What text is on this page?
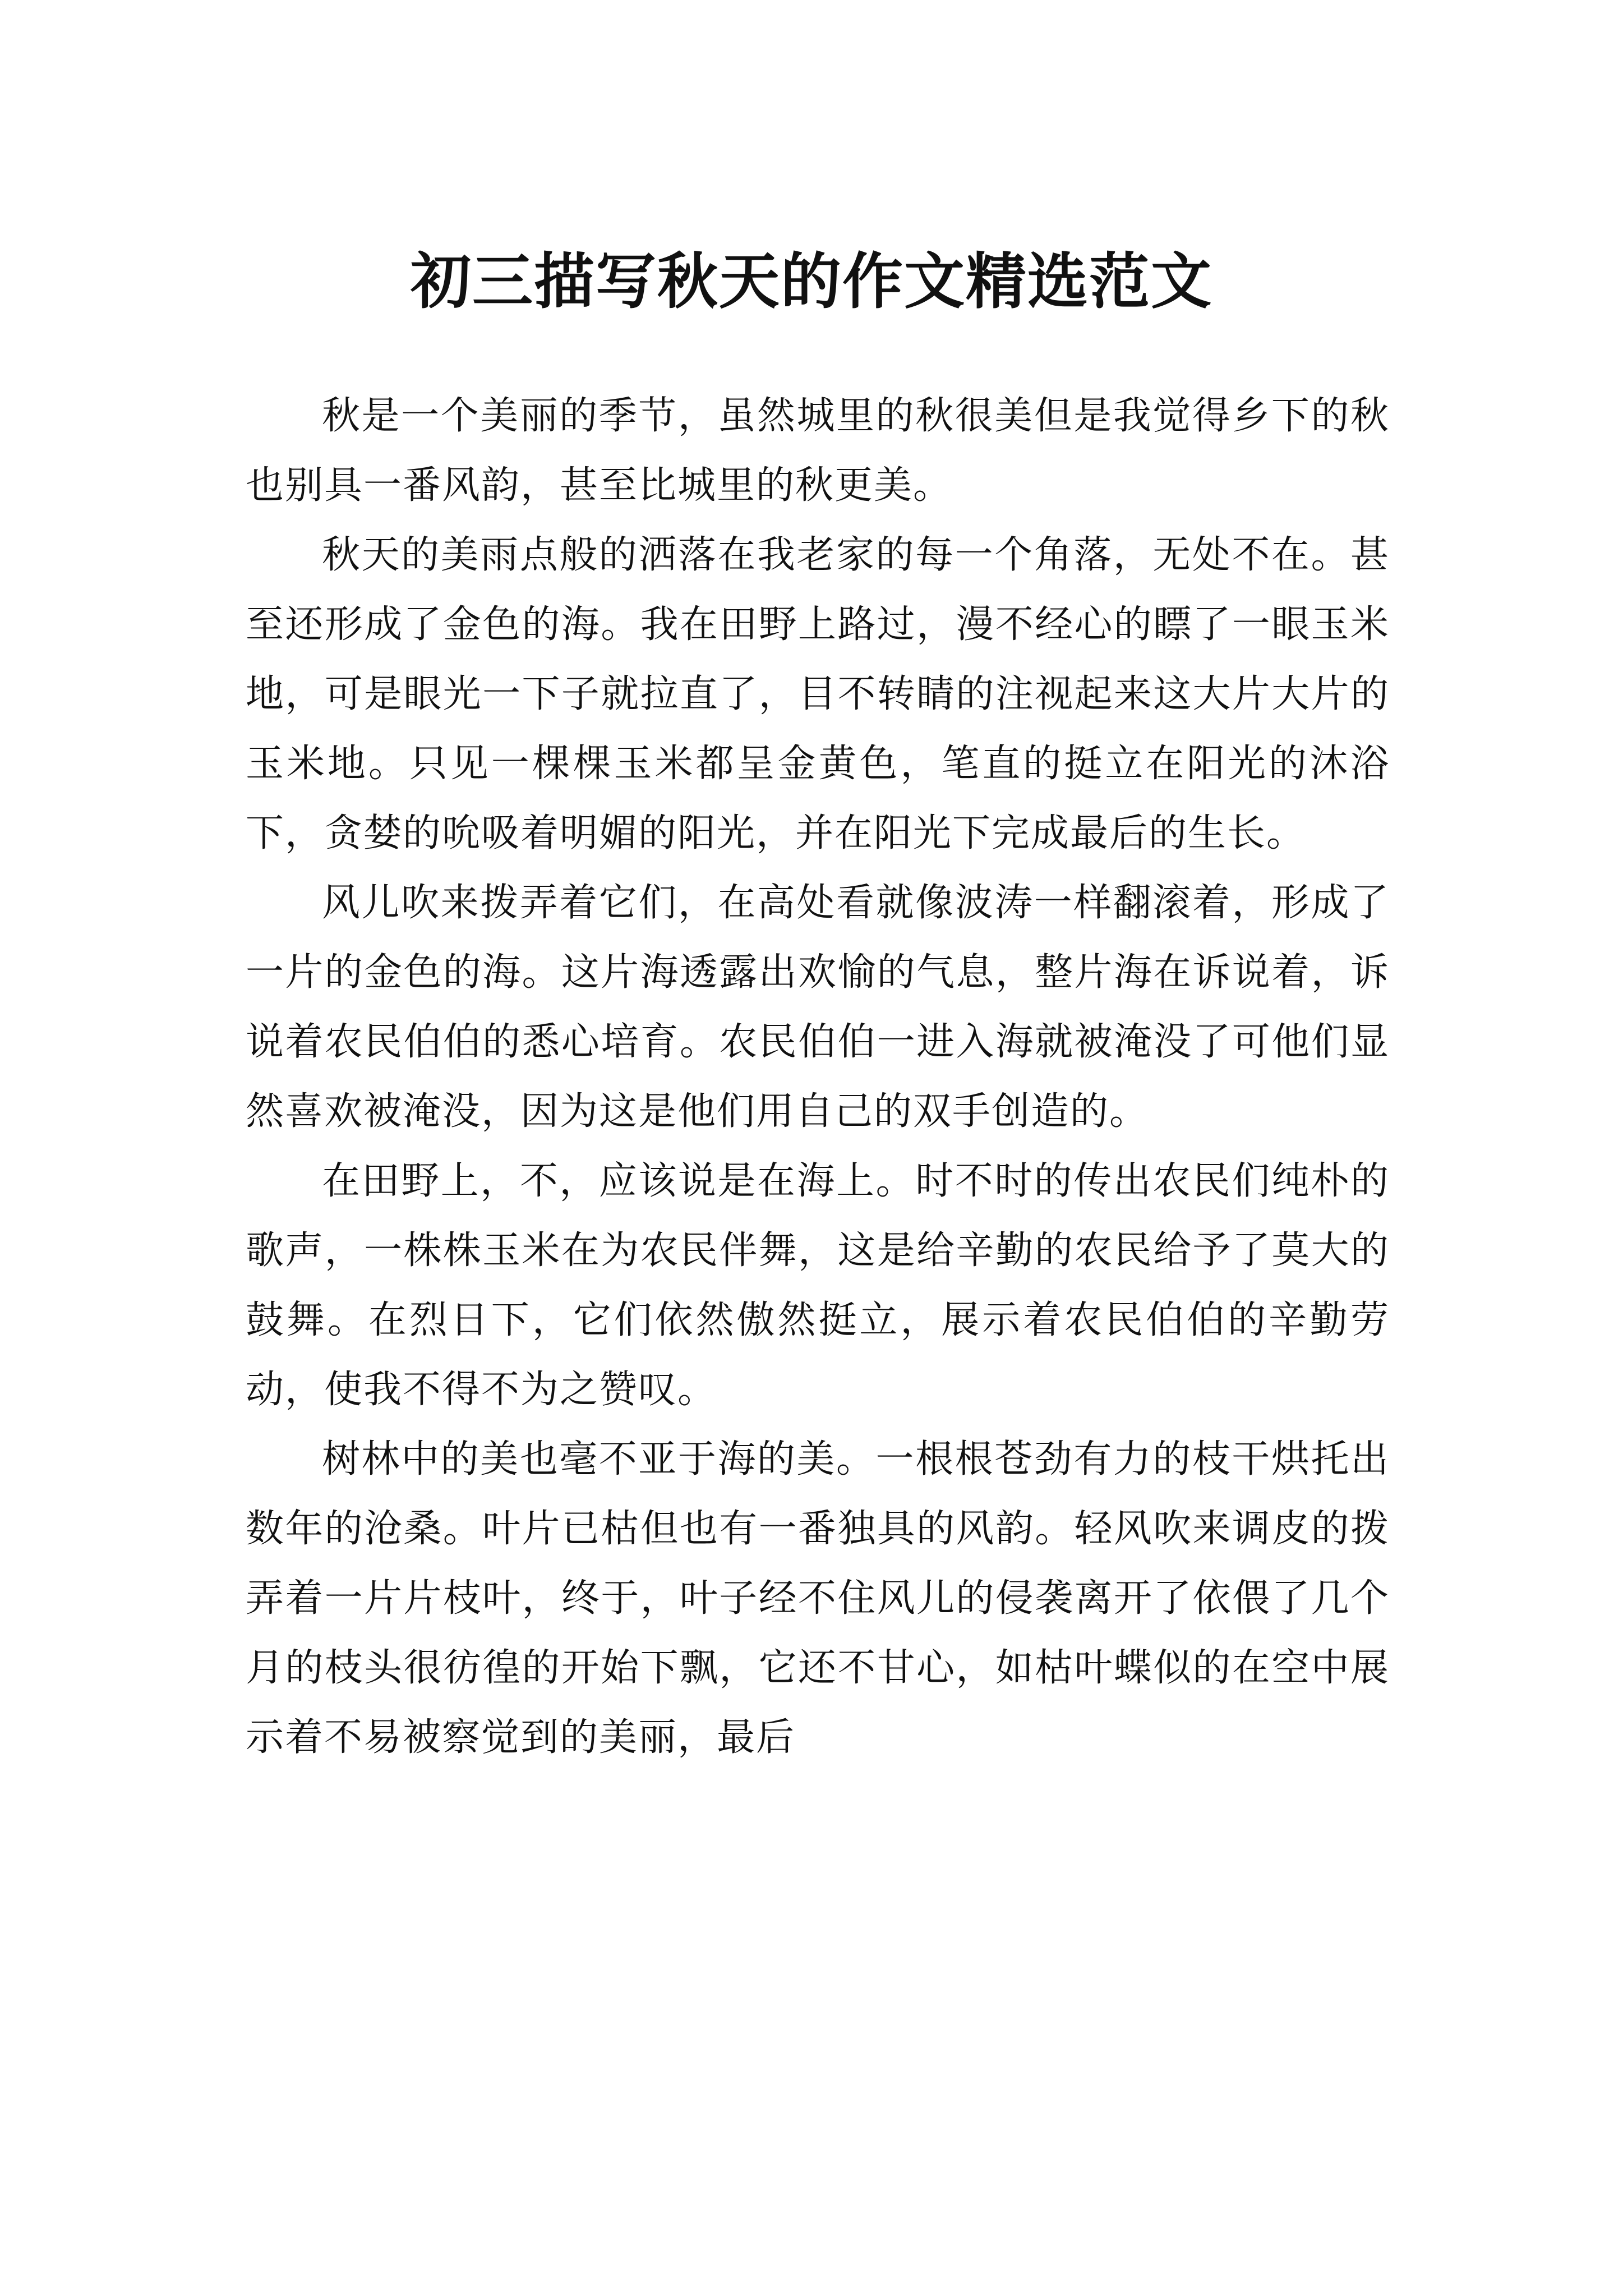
初三描写秋天的作文精选范文

秋是一个美丽的季节，虽然城里的秋很美但是我觉得乡下的秋也别具一番风韵，甚至比城里的秋更美。

秋天的美雨点般的洒落在我老家的每一个角落，无处不在。甚至还形成了金色的海。我在田野上路过，漫不经心的瞟了一眼玉米地，可是眼光一下子就拉直了，目不转睛的注视起来这大片大片的玉米地。只见一棵棵玉米都呈金黄色，笔直的挺立在阳光的沐浴下，贪婪的吮吸着明媚的阳光，并在阳光下完成最后的生长。

风儿吹来拨弄着它们，在高处看就像波涛一样翻滚着，形成了一片的金色的海。这片海透露出欢愉的气息，整片海在诉说着，诉说着农民伯伯的悉心培育。农民伯伯一进入海就被淹没了可他们显然喜欢被淹没，因为这是他们用自己的双手创造的。

在田野上，不，应该说是在海上。时不时的传出农民们纯朴的歌声，一株株玉米在为农民伴舞，这是给辛勤的农民给予了莫大的鼓舞。在烈日下，它们依然傲然挺立，展示着农民伯伯的辛勤劳动，使我不得不为之赞叹。

树林中的美也毫不亚于海的美。一根根苍劲有力的枝干烘托出数年的沧桑。叶片已枯但也有一番独具的风韵。轻风吹来调皮的拨弄着一片片枝叶，终于，叶子经不住风儿的侵袭离开了依偎了几个月的枝头很彷徨的开始下飘，它还不甘心，如枯叶蝶似的在空中展示着不易被察觉到的美丽，最后
